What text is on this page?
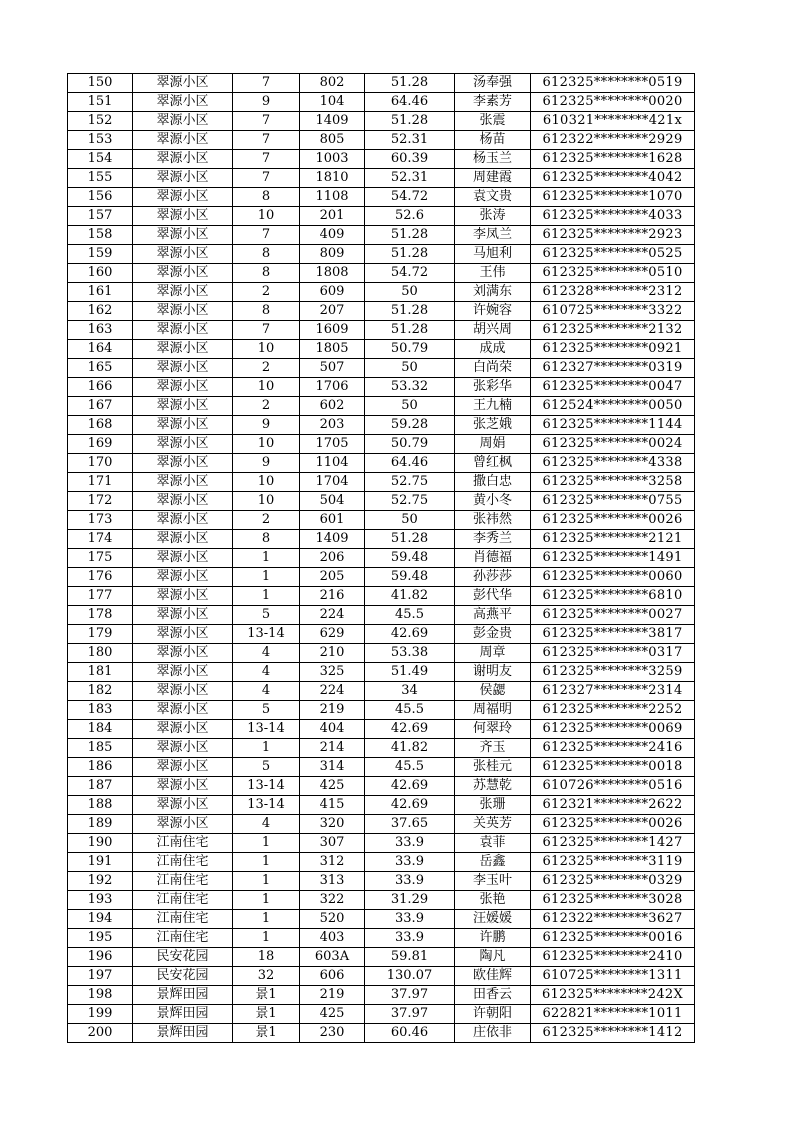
150	翠源小区	7	802	51.28	汤奉强	612325********0519
151	翠源小区	9	104	64.46	李素芳	612325********0020
152	翠源小区	7	1409	51.28	张震	610321********421x
153	翠源小区	7	805	52.31	杨苗	612322********2929
154	翠源小区	7	1003	60.39	杨玉兰	612325********1628
155	翠源小区	7	1810	52.31	周建霞	612325********4042
156	翠源小区	8	1108	54.72	袁文贵	612325********1070
157	翠源小区	10	201	52.6	张涛	612325********4033
158	翠源小区	7	409	51.28	李凤兰	612325********2923
159	翠源小区	8	809	51.28	马旭利	612325********0525
160	翠源小区	8	1808	54.72	王伟	612325********0510
161	翠源小区	2	609	50	刘满东	612328********2312
162	翠源小区	8	207	51.28	许婉容	610725********3322
163	翠源小区	7	1609	51.28	胡兴周	612325********2132
164	翠源小区	10	1805	50.79	成成	612325********0921
165	翠源小区	2	507	50	白尚荣	612327********0319
166	翠源小区	10	1706	53.32	张彩华	612325********0047
167	翠源小区	2	602	50	王九楠	612524********0050
168	翠源小区	9	203	59.28	张芝娥	612325********1144
169	翠源小区	10	1705	50.79	周娟	612325********0024
170	翠源小区	9	1104	64.46	曾红枫	612325********4338
171	翠源小区	10	1704	52.75	撒白忠	612325********3258
172	翠源小区	10	504	52.75	黄小冬	612325********0755
173	翠源小区	2	601	50	张祎然	612325********0026
174	翠源小区	8	1409	51.28	李秀兰	612325********2121
175	翠源小区	1	206	59.48	肖德福	612325********1491
176	翠源小区	1	205	59.48	孙莎莎	612325********0060
177	翠源小区	1	216	41.82	彭代华	612325********6810
178	翠源小区	5	224	45.5	高燕平	612325********0027
179	翠源小区	13-14	629	42.69	彭金贵	612325********3817
180	翠源小区	4	210	53.38	周章	612325********0317
181	翠源小区	4	325	51.49	谢明友	612325********3259
182	翠源小区	4	224	34	侯勰	612327********2314
183	翠源小区	5	219	45.5	周福明	612325********2252
184	翠源小区	13-14	404	42.69	何翠玲	612325********0069
185	翠源小区	1	214	41.82	齐玉	612325********2416
186	翠源小区	5	314	45.5	张桂元	612325********0018
187	翠源小区	13-14	425	42.69	苏慧乾	610726********0516
188	翠源小区	13-14	415	42.69	张珊	612321********2622
189	翠源小区	4	320	37.65	关英芳	612325********0026
190	江南住宅	1	307	33.9	袁菲	612325********1427
191	江南住宅	1	312	33.9	岳鑫	612325********3119
192	江南住宅	1	313	33.9	李玉叶	612325********0329
193	江南住宅	1	322	31.29	张艳	612325********3028
194	江南住宅	1	520	33.9	汪媛媛	612322********3627
195	江南住宅	1	403	33.9	许鹏	612325********0016
196	民安花园	18	603A	59.81	陶凡	612325********2410
197	民安花园	32	606	130.07	欧佳辉	610725********1311
198	景辉田园	景1	219	37.97	田香云	612325********242X
199	景辉田园	景1	425	37.97	许朝阳	622821********1011
200	景辉田园	景1	230	60.46	庄依非	612325********1412
